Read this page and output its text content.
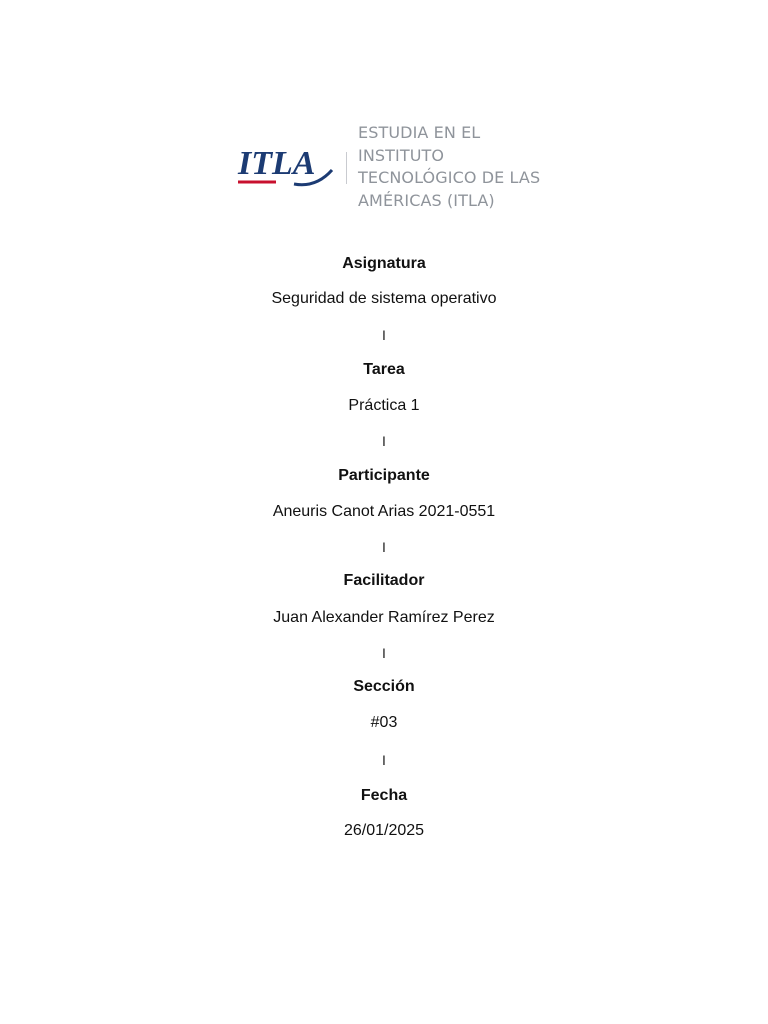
ITLA
ESTUDIA EN EL
INSTITUTO
TECNOLÓGICO DE LAS
AMÉRICAS (ITLA)
Asignatura
Seguridad de sistema operativo
I
Tarea
Práctica 1
I
Participante
Aneuris Canot Arias 2021-0551
I
Facilitador
Juan Alexander Ramírez Perez
I
Sección
#03
I
Fecha
26/01/2025
